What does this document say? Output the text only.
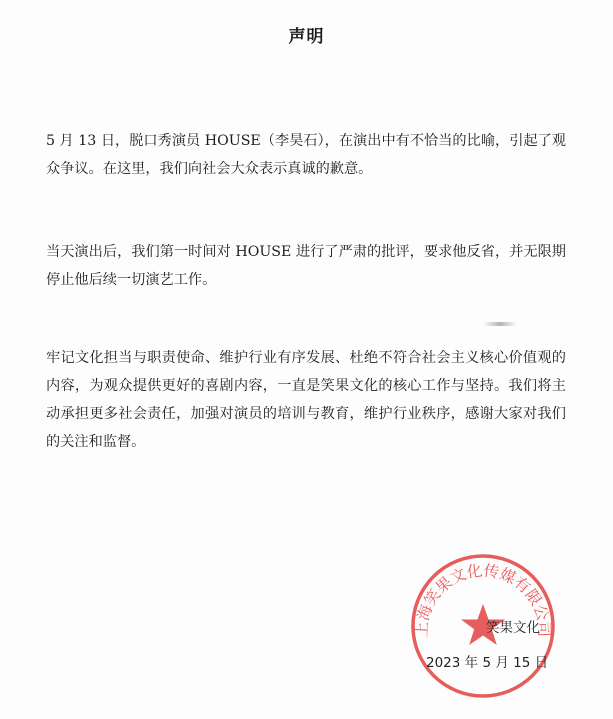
声明

5 月 13 日，脱口秀演员 HOUSE（李昊石），在演出中有不恰当的比喻，引起了观众争议。在这里，我们向社会大众表示真诚的歉意。

当天演出后，我们第一时间对 HOUSE 进行了严肃的批评，要求他反省，并无限期停止他后续一切演艺工作。

牢记文化担当与职责使命、维护行业有序发展、杜绝不符合社会主义核心价值观的内容，为观众提供更好的喜剧内容，一直是笑果文化的核心工作与坚持。我们将主动承担更多社会责任，加强对演员的培训与教育，维护行业秩序，感谢大家对我们的关注和监督。

上海笑果文化传媒有限公司
笑果文化
2023 年 5 月 15 日
